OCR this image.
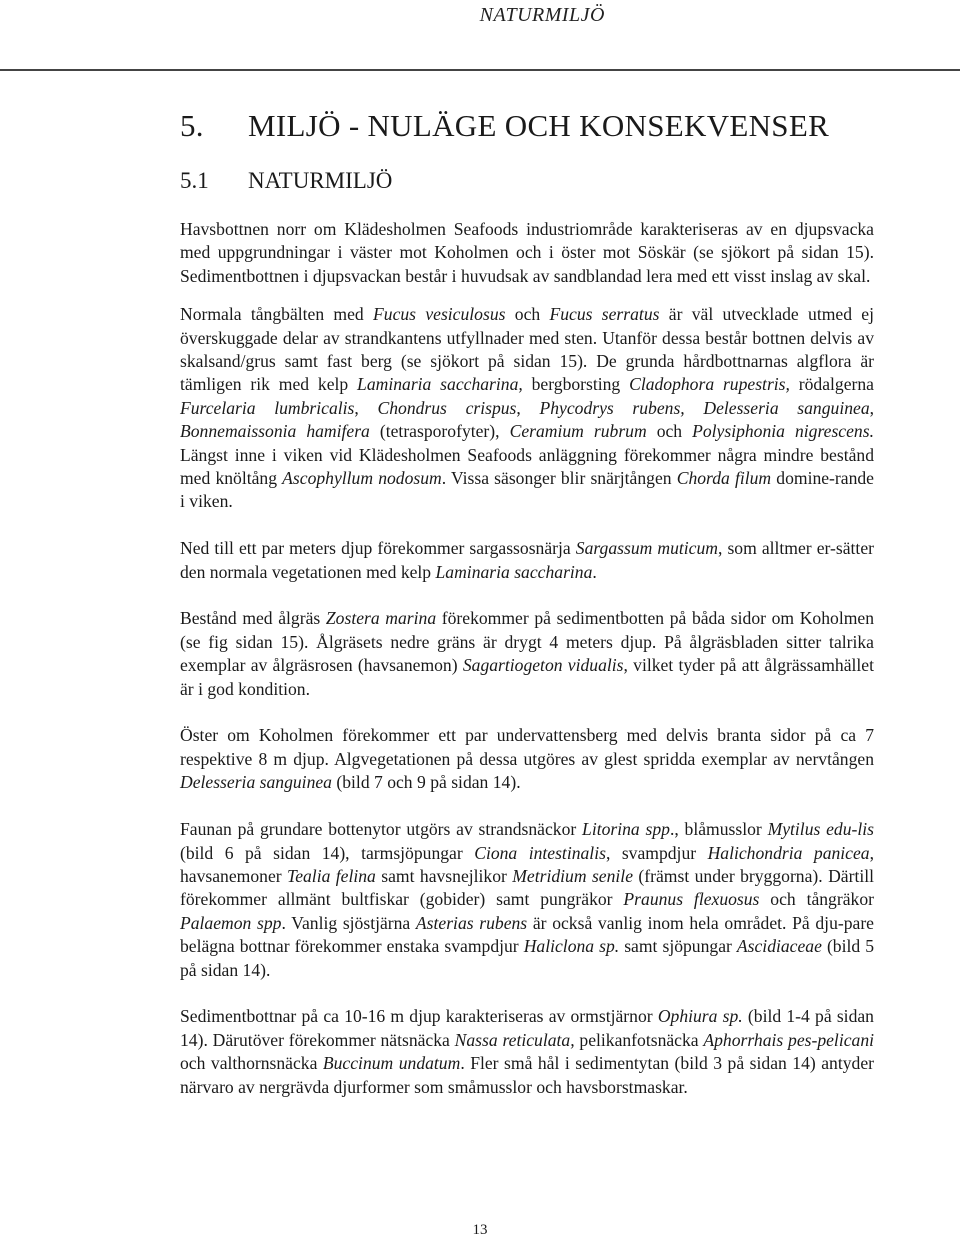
NATURMILJÖ
5. MILJÖ - NULÄGE OCH KONSEKVENSER
5.1 NATURMILJÖ

Havsbottnen norr om Klädesholmen Seafoods industriområde karakteriseras av en djupsvacka med uppgrundningar i väster mot Koholmen och i öster mot Söskär (se sjökort på sidan 15). Sedimentbottnen i djupsvackan består i huvudsak av sandblandad lera med ett visst inslag av skal.

Normala tångbälten med Fucus vesiculosus och Fucus serratus är väl utvecklade utmed ej överskuggade delar av strandkantens utfyllnader med sten. Utanför dessa består bottnen delvis av skalsand/grus samt fast berg (se sjökort på sidan 15). De grunda hårdbottnarnas algflora är tämligen rik med kelp Laminaria saccharina, bergborsting Cladophora rupestris, rödalgerna Furcelaria lumbricalis, Chondrus crispus, Phycodrys rubens, Delesseria sanguinea, Bonnemaissonia hamifera (tetrasporofyter), Ceramium rubrum och Polysiphonia nigrescens. Längst inne i viken vid Klädesholmen Seafoods anläggning förekommer några mindre bestånd med knöltång Ascophyllum nodosum. Vissa säsonger blir snärjtången Chorda filum domine-rande i viken.

Ned till ett par meters djup förekommer sargassosnärja Sargassum muticum, som alltmer er-sätter den normala vegetationen med kelp Laminaria saccharina.

Bestånd med ålgräs Zostera marina förekommer på sedimentbotten på båda sidor om Koholmen (se fig sidan 15). Ålgräsets nedre gräns är drygt 4 meters djup. På ålgräsbladen sitter talrika exemplar av ålgräsrosen (havsanemon) Sagartiogeton vidualis, vilket tyder på att ålgrässamhället är i god kondition.

Öster om Koholmen förekommer ett par undervattensberg med delvis branta sidor på ca 7 respektive 8 m djup. Algvegetationen på dessa utgöres av glest spridda exemplar av nervtången Delesseria sanguinea (bild 7 och 9 på sidan 14).

Faunan på grundare bottenytor utgörs av strandsnäckor Litorina spp., blåmusslor Mytilus edu-lis (bild 6 på sidan 14), tarmsjöpungar Ciona intestinalis, svampdjur Halichondria panicea, havsanemoner Tealia felina samt havsnejlikor Metridium senile (främst under bryggorna). Därtill förekommer allmänt bultfiskar (gobider) samt pungräkor Praunus flexuosus och tångräkor Palaemon spp. Vanlig sjöstjärna Asterias rubens är också vanlig inom hela området. På dju-pare belägna bottnar förekommer enstaka svampdjur Haliclona sp. samt sjöpungar Ascidiaceae (bild 5 på sidan 14).

Sedimentbottnar på ca 10-16 m djup karakteriseras av ormstjärnor Ophiura sp. (bild 1-4 på sidan 14). Därutöver förekommer nätsnäcka Nassa reticulata, pelikanfotsnäcka Aphorrhais pes-pelicani och valthornsnäcka Buccinum undatum. Fler små hål i sedimentytan (bild 3 på sidan 14) antyder närvaro av nergrävda djurformer som småmusslor och havsborstmaskar.

13
